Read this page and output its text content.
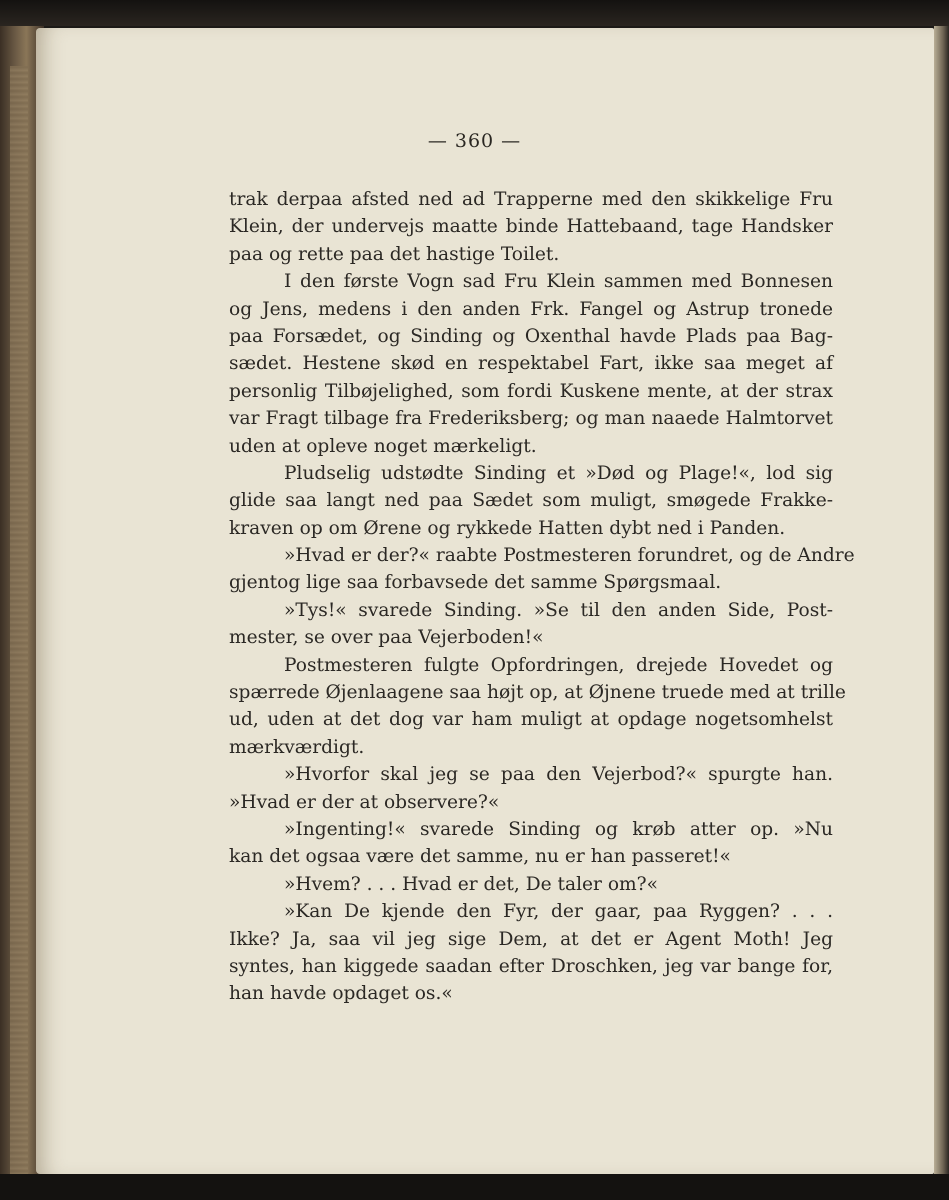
— 360 —
trak derpaa afsted ned ad Trapperne med den skikkelige Fru
Klein, der undervejs maatte binde Hattebaand, tage Handsker
paa og rette paa det hastige Toilet.
I den første Vogn sad Fru Klein sammen med Bonnesen
og Jens, medens i den anden Frk. Fangel og Astrup tronede
paa Forsædet, og Sinding og Oxenthal havde Plads paa Bag-
sædet. Hestene skød en respektabel Fart, ikke saa meget af
personlig Tilbøjelighed, som fordi Kuskene mente, at der strax
var Fragt tilbage fra Frederiksberg; og man naaede Halmtorvet
uden at opleve noget mærkeligt.
Pludselig udstødte Sinding et »Død og Plage!«, lod sig
glide saa langt ned paa Sædet som muligt, smøgede Frakke-
kraven op om Ørene og rykkede Hatten dybt ned i Panden.
»Hvad er der?« raabte Postmesteren forundret, og de Andre
gjentog lige saa forbavsede det samme Spørgsmaal.
»Tys!« svarede Sinding. »Se til den anden Side, Post-
mester, se over paa Vejerboden!«
Postmesteren fulgte Opfordringen, drejede Hovedet og
spærrede Øjenlaagene saa højt op, at Øjnene truede med at trille
ud, uden at det dog var ham muligt at opdage nogetsomhelst
mærkværdigt.
»Hvorfor skal jeg se paa den Vejerbod?« spurgte han.
»Hvad er der at observere?«
»Ingenting!« svarede Sinding og krøb atter op. »Nu
kan det ogsaa være det samme, nu er han passeret!«
»Hvem? . . . Hvad er det, De taler om?«
»Kan De kjende den Fyr, der gaar, paa Ryggen? . . .
Ikke? Ja, saa vil jeg sige Dem, at det er Agent Moth! Jeg
syntes, han kiggede saadan efter Droschken, jeg var bange for,
han havde opdaget os.«
